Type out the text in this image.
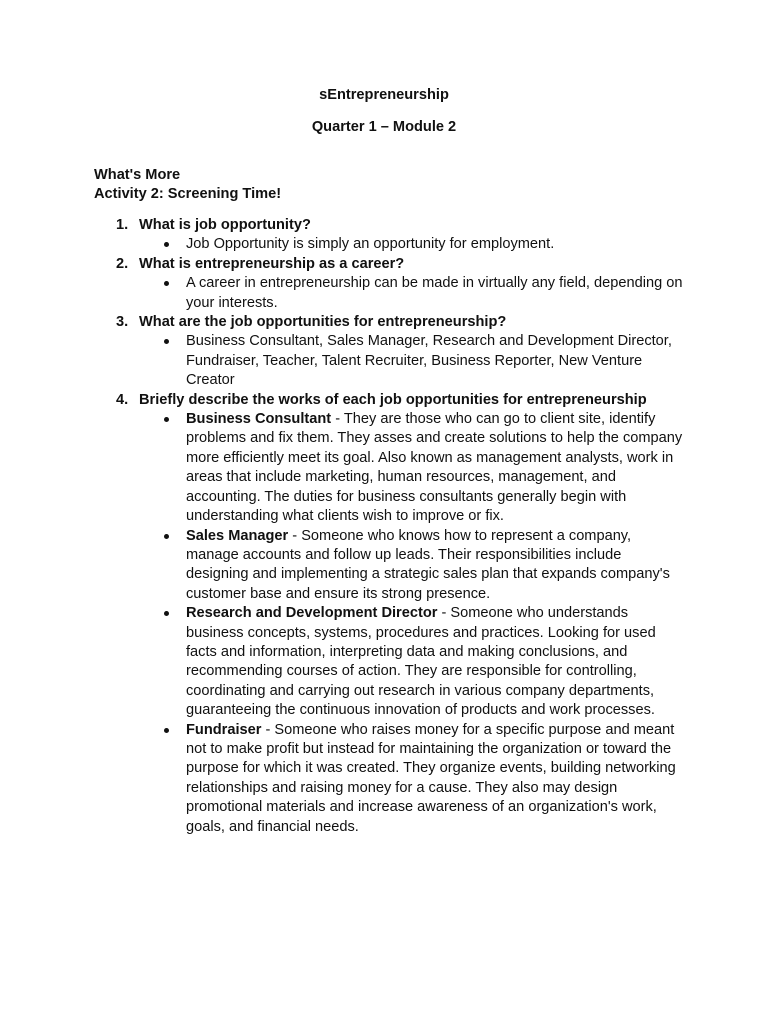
sEntrepreneurship
Quarter 1 – Module 2
What's More
Activity 2: Screening Time!
1. What is job opportunity?
Job Opportunity is simply an opportunity for employment.
2. What is entrepreneurship as a career?
A career in entrepreneurship can be made in virtually any field, depending on your interests.
3. What are the job opportunities for entrepreneurship?
Business Consultant, Sales Manager, Research and Development Director, Fundraiser, Teacher, Talent Recruiter, Business Reporter, New Venture Creator
4. Briefly describe the works of each job opportunities for entrepreneurship
Business Consultant - They are those who can go to client site, identify problems and fix them. They asses and create solutions to help the company more efficiently meet its goal. Also known as management analysts, work in areas that include marketing, human resources, management, and accounting. The duties for business consultants generally begin with understanding what clients wish to improve or fix.
Sales Manager - Someone who knows how to represent a company, manage accounts and follow up leads. Their responsibilities include designing and implementing a strategic sales plan that expands company's customer base and ensure its strong presence.
Research and Development Director - Someone who understands business concepts, systems, procedures and practices. Looking for used facts and information, interpreting data and making conclusions, and recommending courses of action. They are responsible for controlling, coordinating and carrying out research in various company departments, guaranteeing the continuous innovation of products and work processes.
Fundraiser - Someone who raises money for a specific purpose and meant not to make profit but instead for maintaining the organization or toward the purpose for which it was created. They organize events, building networking relationships and raising money for a cause. They also may design promotional materials and increase awareness of an organization's work, goals, and financial needs.
